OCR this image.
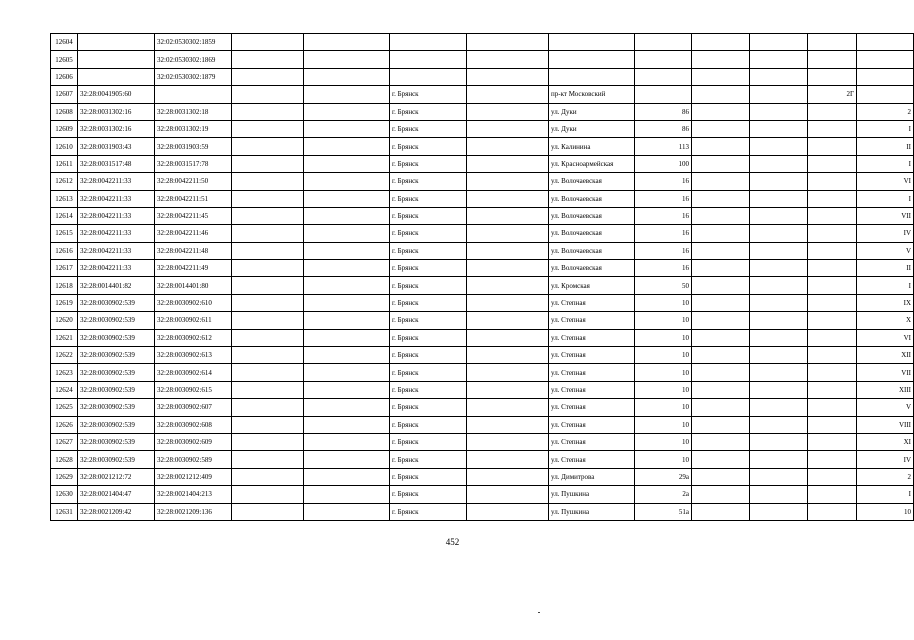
12604		32:02:0530302:1859										
12605		32:02:0530302:1869										
12606		32:02:0530302:1879										
12607	32:28:0041905:60				г. Брянск		пр-кт Московский				2Г	
12608	32:28:0031302:16	32:28:0031302:18			г. Брянск		ул. Дуки	86				2
12609	32:28:0031302:16	32:28:0031302:19			г. Брянск		ул. Дуки	86				I
12610	32:28:0031903:43	32:28:0031903:59			г. Брянск		ул. Калинина	113				II
12611	32:28:0031517:48	32:28:0031517:78			г. Брянск		ул. Красноармейская	100				I
12612	32:28:0042211:33	32:28:0042211:50			г. Брянск		ул. Волочаевская	16				VI
12613	32:28:0042211:33	32:28:0042211:51			г. Брянск		ул. Волочаевская	16				I
12614	32:28:0042211:33	32:28:0042211:45			г. Брянск		ул. Волочаевская	16				VII
12615	32:28:0042211:33	32:28:0042211:46			г. Брянск		ул. Волочаевская	16				IV
12616	32:28:0042211:33	32:28:0042211:48			г. Брянск		ул. Волочаевская	16				V
12617	32:28:0042211:33	32:28:0042211:49			г. Брянск		ул. Волочаевская	16				II
12618	32:28:0014401:82	32:28:0014401:80			г. Брянск		ул. Кромская	50				I
12619	32:28:0030902:539	32:28:0030902:610			г. Брянск		ул. Степная	10				IX
12620	32:28:0030902:539	32:28:0030902:611			г. Брянск		ул. Степная	10				X
12621	32:28:0030902:539	32:28:0030902:612			г. Брянск		ул. Степная	10				VI
12622	32:28:0030902:539	32:28:0030902:613			г. Брянск		ул. Степная	10				XII
12623	32:28:0030902:539	32:28:0030902:614			г. Брянск		ул. Степная	10				VII
12624	32:28:0030902:539	32:28:0030902:615			г. Брянск		ул. Степная	10				XIII
12625	32:28:0030902:539	32:28:0030902:607			г. Брянск		ул. Степная	10				V
12626	32:28:0030902:539	32:28:0030902:608			г. Брянск		ул. Степная	10				VIII
12627	32:28:0030902:539	32:28:0030902:609			г. Брянск		ул. Степная	10				XI
12628	32:28:0030902:539	32:28:0030902:589			г. Брянск		ул. Степная	10				IV
12629	32:28:0021212:72	32:28:0021212:409			г. Брянск		ул. Димитрова	29а				2
12630	32:28:0021404:47	32:28:0021404:213			г. Брянск		ул. Пушкина	2а				I
12631	32:28:0021209:42	32:28:0021209:136			г. Брянск		ул. Пушкина	51а				10
452
